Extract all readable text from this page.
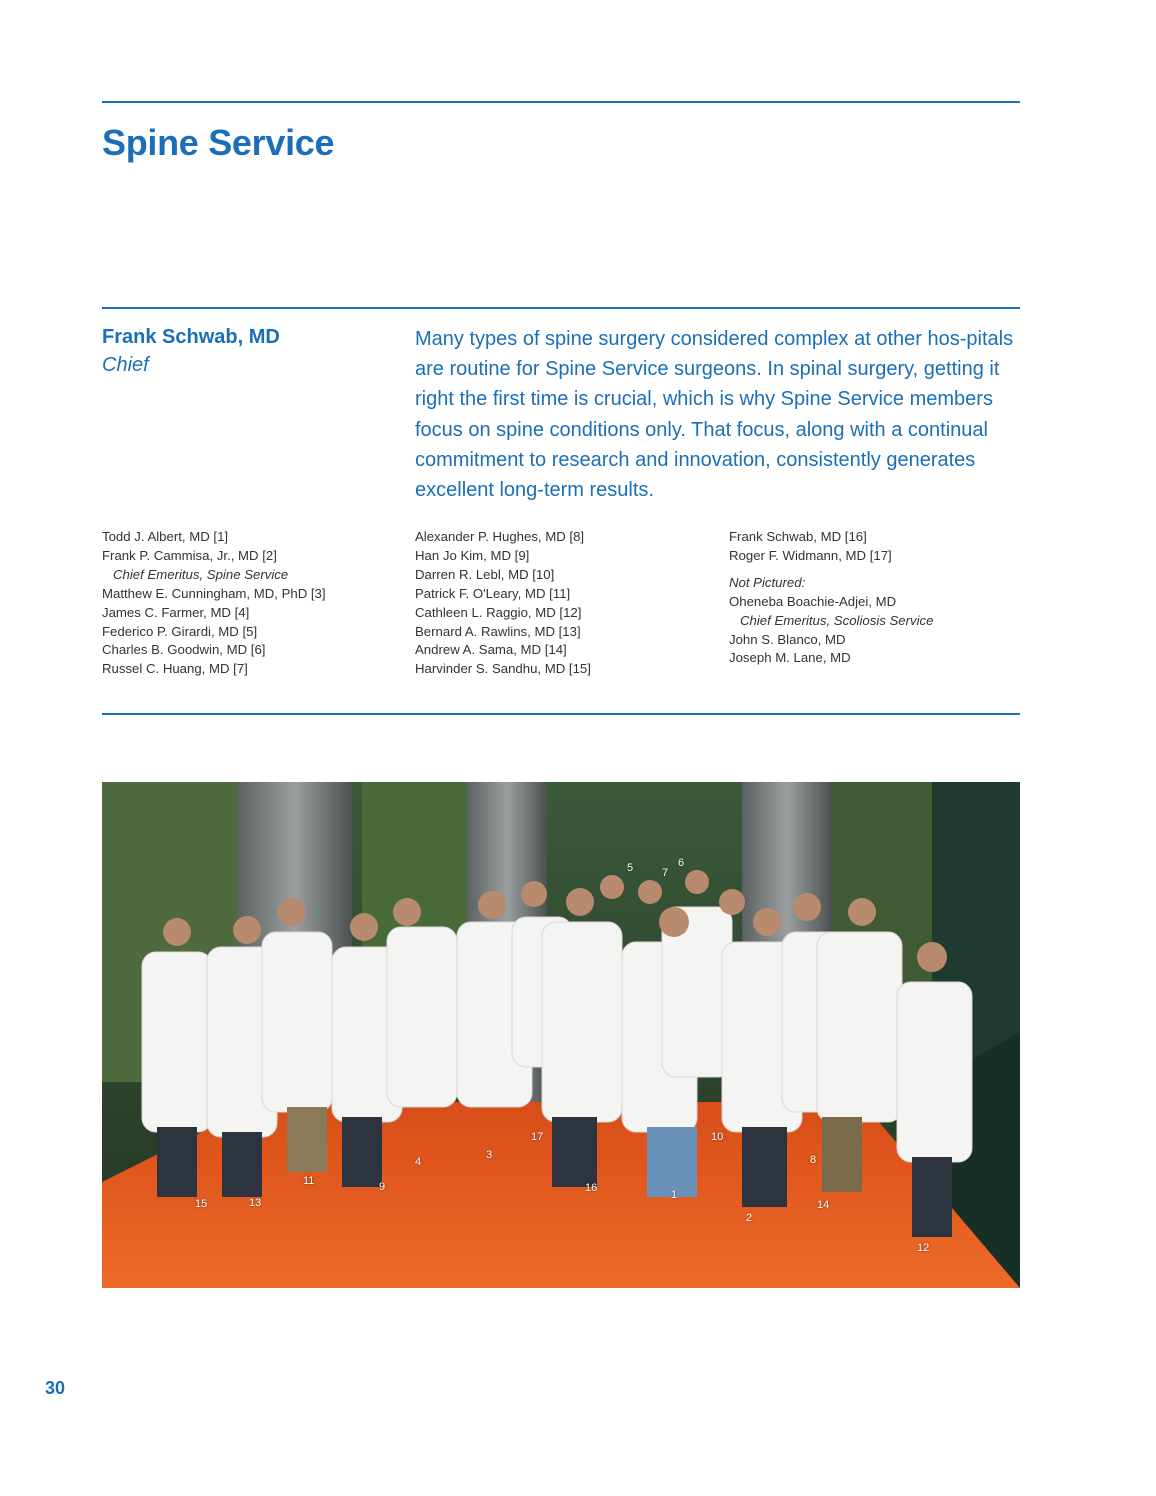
Spine Service
Frank Schwab, MD
Chief

Many types of spine surgery considered complex at other hos-pitals are routine for Spine Service surgeons. In spinal surgery, getting it right the first time is crucial, which is why Spine Service members focus on spine conditions only. That focus, along with a continual commitment to research and innovation, consistently generates excellent long-term results.

Todd J. Albert, MD [1]
Frank P. Cammisa, Jr., MD [2]
Chief Emeritus, Spine Service
Matthew E. Cunningham, MD, PhD [3]
James C. Farmer, MD [4]
Federico P. Girardi, MD [5]
Charles B. Goodwin, MD [6]
Russel C. Huang, MD [7]
Alexander P. Hughes, MD [8]
Han Jo Kim, MD [9]
Darren R. Lebl, MD [10]
Patrick F. O'Leary, MD [11]
Cathleen L. Raggio, MD [12]
Bernard A. Rawlins, MD [13]
Andrew A. Sama, MD [14]
Harvinder S. Sandhu, MD [15]
Frank Schwab, MD [16]
Roger F. Widmann, MD [17]
Not Pictured:
Oheneba Boachie-Adjei, MD
Chief Emeritus, Scoliosis Service
John S. Blanco, MD
Joseph M. Lane, MD
5	7
6
17
3
4
11	9	16
1
10
8
14
2
15	13
12
30
